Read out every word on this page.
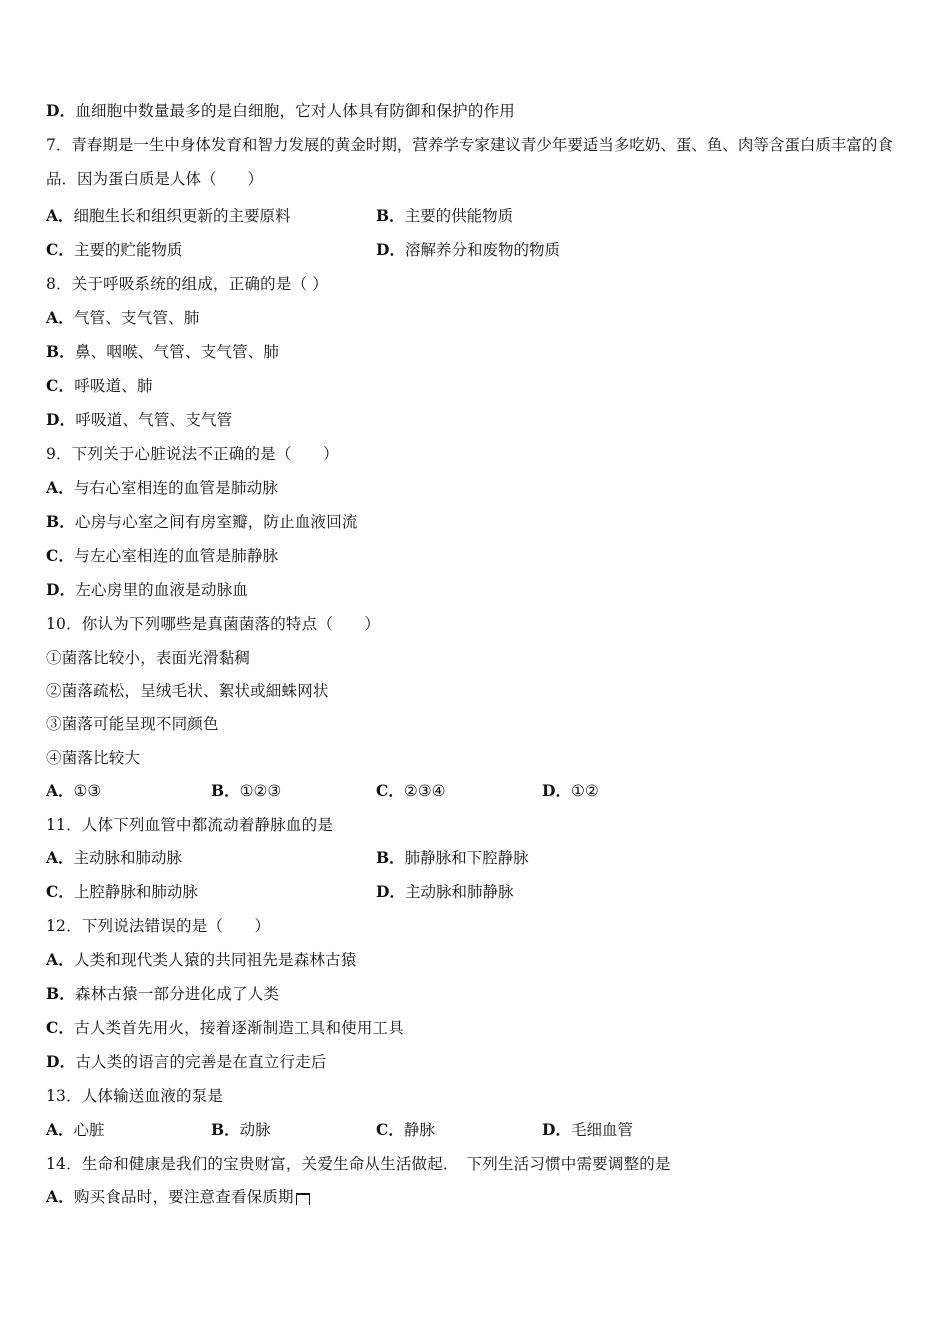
D．血细胞中数量最多的是白细胞，它对人体具有防御和保护的作用
7．青春期是一生中身体发育和智力发展的黄金时期，营养学专家建议青少年要适当多吃奶、蛋、鱼、肉等含蛋白质丰富的食品．因为蛋白质是人体（　　）
A．细胞生长和组织更新的主要原料	B．主要的供能物质
C．主要的贮能物质	D．溶解养分和废物的物质
8．关于呼吸系统的组成，正确的是（ ）
A．气管、支气管、肺
B．鼻、咽喉、气管、支气管、肺
C．呼吸道、肺
D．呼吸道、气管、支气管
9．下列关于心脏说法不正确的是（　　）
A．与右心室相连的血管是肺动脉
B．心房与心室之间有房室瓣，防止血液回流
C．与左心室相连的血管是肺静脉
D．左心房里的血液是动脉血
10．你认为下列哪些是真菌菌落的特点（　　）
①菌落比较小，表面光滑黏稠
②菌落疏松，呈绒毛状、絮状或細蛛网状
③菌落可能呈现不同颜色
④菌落比较大
A．①③	B．①②③	C．②③④	D．①②
11．人体下列血管中都流动着静脉血的是
A．主动脉和肺动脉	B．肺静脉和下腔静脉
C．上腔静脉和肺动脉	D．主动脉和肺静脉
12．下列说法错误的是（　　）
A．人类和现代类人猿的共同祖先是森林古猿
B．森林古猿一部分进化成了人类
C．古人类首先用火，接着逐渐制造工具和使用工具
D．古人类的语言的完善是在直立行走后
13．人体输送血液的泵是
A．心脏	B．动脉	C．静脉	D．毛细血管
14．生命和健康是我们的宝贵财富，关爱生命从生活做起．　下列生活习惯中需要调整的是
A．购买食品时，要注意查看保质期
